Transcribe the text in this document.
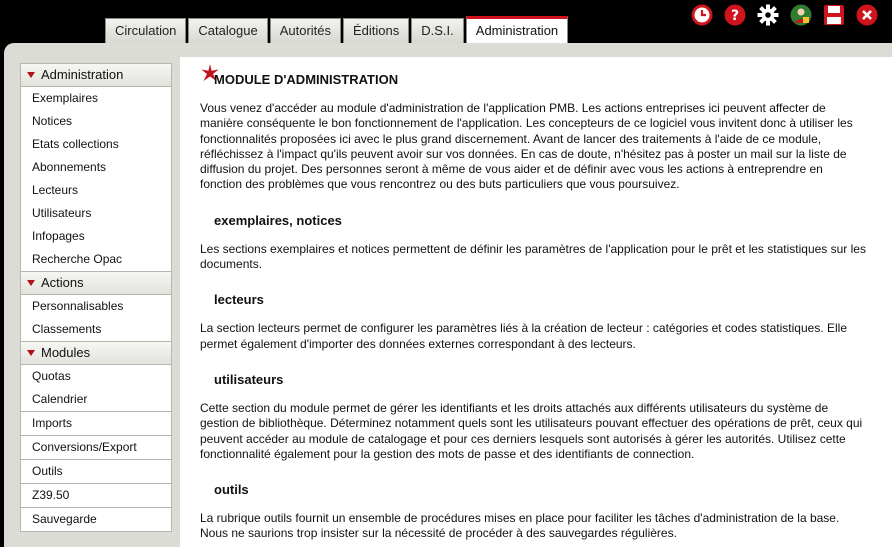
Circulation	Catalogue	Autorités	Éditions	D.S.I.	Administration
?
Administration
Exemplaires
Notices
Etats collections
Abonnements
Lecteurs
Utilisateurs
Infopages
Recherche Opac
Actions
Personnalisables
Classements
Modules
Quotas
Calendrier
Imports
Conversions/Export
Outils
Z39.50
Sauvegarde
MODULE D'ADMINISTRATION

Vous venez d'accéder au module d'administration de l'application PMB. Les actions entreprises ici peuvent affecter de manière conséquente le bon fonctionnement de l'application. Les concepteurs de ce logiciel vous invitent donc à utiliser les fonctionnalités proposées ici avec le plus grand discernement. Avant de lancer des traitements à l'aide de ce module, réfléchissez à l'impact qu'ils peuvent avoir sur vos données. En cas de doute, n'hésitez pas à poster un mail sur la liste de diffusion du projet. Des personnes seront à même de vous aider et de définir avec vous les actions à entreprendre en fonction des problèmes que vous rencontrez ou des buts particuliers que vous poursuivez.

exemplaires, notices

Les sections exemplaires et notices permettent de définir les paramètres de l'application pour le prêt et les statistiques sur les documents.

lecteurs

La section lecteurs permet de configurer les paramètres liés à la création de lecteur : catégories et codes statistiques. Elle permet également d'importer des données externes correspondant à des lecteurs.

utilisateurs

Cette section du module permet de gérer les identifiants et les droits attachés aux différents utilisateurs du système de gestion de bibliothèque. Déterminez notamment quels sont les utilisateurs pouvant effectuer des opérations de prêt, ceux qui peuvent accéder au module de catalogage et pour ces derniers lesquels sont autorisés à gérer les autorités. Utilisez cette fonctionnalité également pour la gestion des mots de passe et des identifiants de connection.

outils

La rubrique outils fournit un ensemble de procédures mises en place pour faciliter les tâches d'administration de la base. Nous ne saurions trop insister sur la nécessité de procéder à des sauvegardes régulières.
